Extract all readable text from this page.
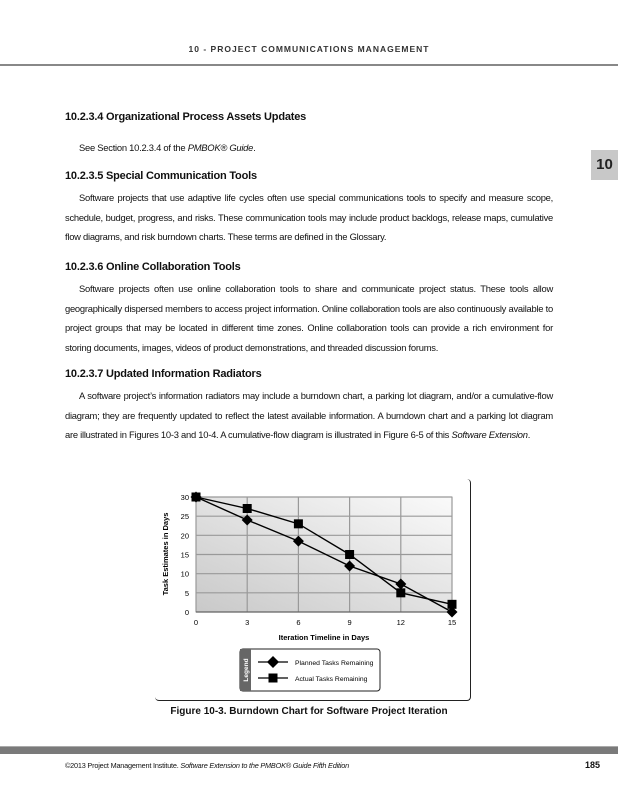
10 - PROJECT COMMUNICATIONS MANAGEMENT
10
10.2.3.4 Organizational Process Assets Updates

See Section 10.2.3.4 of the PMBOK® Guide.

10.2.3.5 Special Communication Tools

Software projects that use adaptive life cycles often use special communications tools to specify and measure scope, schedule, budget, progress, and risks. These communication tools may include product backlogs, release maps, cumulative flow diagrams, and risk burndown charts. These terms are defined in the Glossary.

10.2.3.6 Online Collaboration Tools

Software projects often use online collaboration tools to share and communicate project status. These tools allow geographically dispersed members to access project information. Online collaboration tools are also continuously available to project groups that may be located in different time zones. Online collaboration tools can provide a rich environment for storing documents, images, videos of product demonstrations, and threaded discussion forums.

10.2.3.7 Updated Information Radiators

A software project’s information radiators may include a burndown chart, a parking lot diagram, and/or a cumulative-flow diagram; they are frequently updated to reflect the latest available information. A burndown chart and a parking lot diagram are illustrated in Figures 10-3 and 10-4. A cumulative-flow diagram is illustrated in Figure 6-5 of this Software Extension.

0
5
10
15
20
25
30
0	3	6	9	12	15
Iteration Timeline in Days
Task Estimates in Days
Legend	Planned Tasks Remaining
Actual Tasks Remaining
Figure 10-3. Burndown Chart for Software Project Iteration
©2013 Project Management Institute. Software Extension to the PMBOK® Guide Fifth Edition	185
